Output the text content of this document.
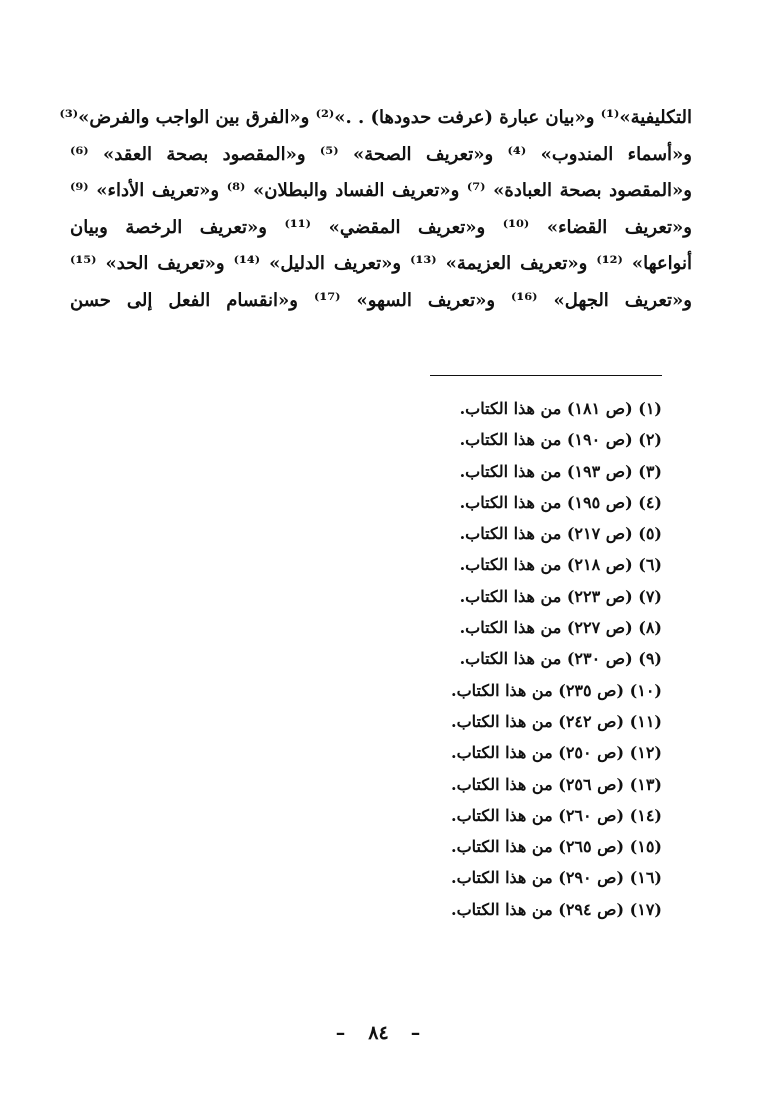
التكليفية»⁽¹⁾ و«بيان عبارة (عرفت حدودها) . .»⁽²⁾ و«الفرق بين الواجب والفرض»⁽³⁾
و«أسماء المندوب» ⁽⁴⁾ و«تعريف الصحة» ⁽⁵⁾ و«المقصود بصحة العقد» ⁽⁶⁾
و«المقصود بصحة العبادة» ⁽⁷⁾ و«تعريف الفساد والبطلان» ⁽⁸⁾ و«تعريف الأداء» ⁽⁹⁾
و«تعريف القضاء» ⁽¹⁰⁾ و«تعريف المقضي» ⁽¹¹⁾ و«تعريف الرخصة وبيان
أنواعها» ⁽¹²⁾ و«تعريف العزيمة» ⁽¹³⁾ و«تعريف الدليل» ⁽¹⁴⁾ و«تعريف الحد» ⁽¹⁵⁾
و«تعريف الجهل» ⁽¹⁶⁾ و«تعريف السهو» ⁽¹⁷⁾ و«انقسام الفعل إلى حسن
(١) (ص ١٨١) من هذا الكتاب.
(٢) (ص ١٩٠) من هذا الكتاب.
(٣) (ص ١٩٣) من هذا الكتاب.
(٤) (ص ١٩٥) من هذا الكتاب.
(٥) (ص ٢١٧) من هذا الكتاب.
(٦) (ص ٢١٨) من هذا الكتاب.
(٧) (ص ٢٢٣) من هذا الكتاب.
(٨) (ص ٢٢٧) من هذا الكتاب.
(٩) (ص ٢٣٠) من هذا الكتاب.
(١٠) (ص ٢٣٥) من هذا الكتاب.
(١١) (ص ٢٤٢) من هذا الكتاب.
(١٢) (ص ٢٥٠) من هذا الكتاب.
(١٣) (ص ٢٥٦) من هذا الكتاب.
(١٤) (ص ٢٦٠) من هذا الكتاب.
(١٥) (ص ٢٦٥) من هذا الكتاب.
(١٦) (ص ٢٩٠) من هذا الكتاب.
(١٧) (ص ٢٩٤) من هذا الكتاب.
–٨٤–
